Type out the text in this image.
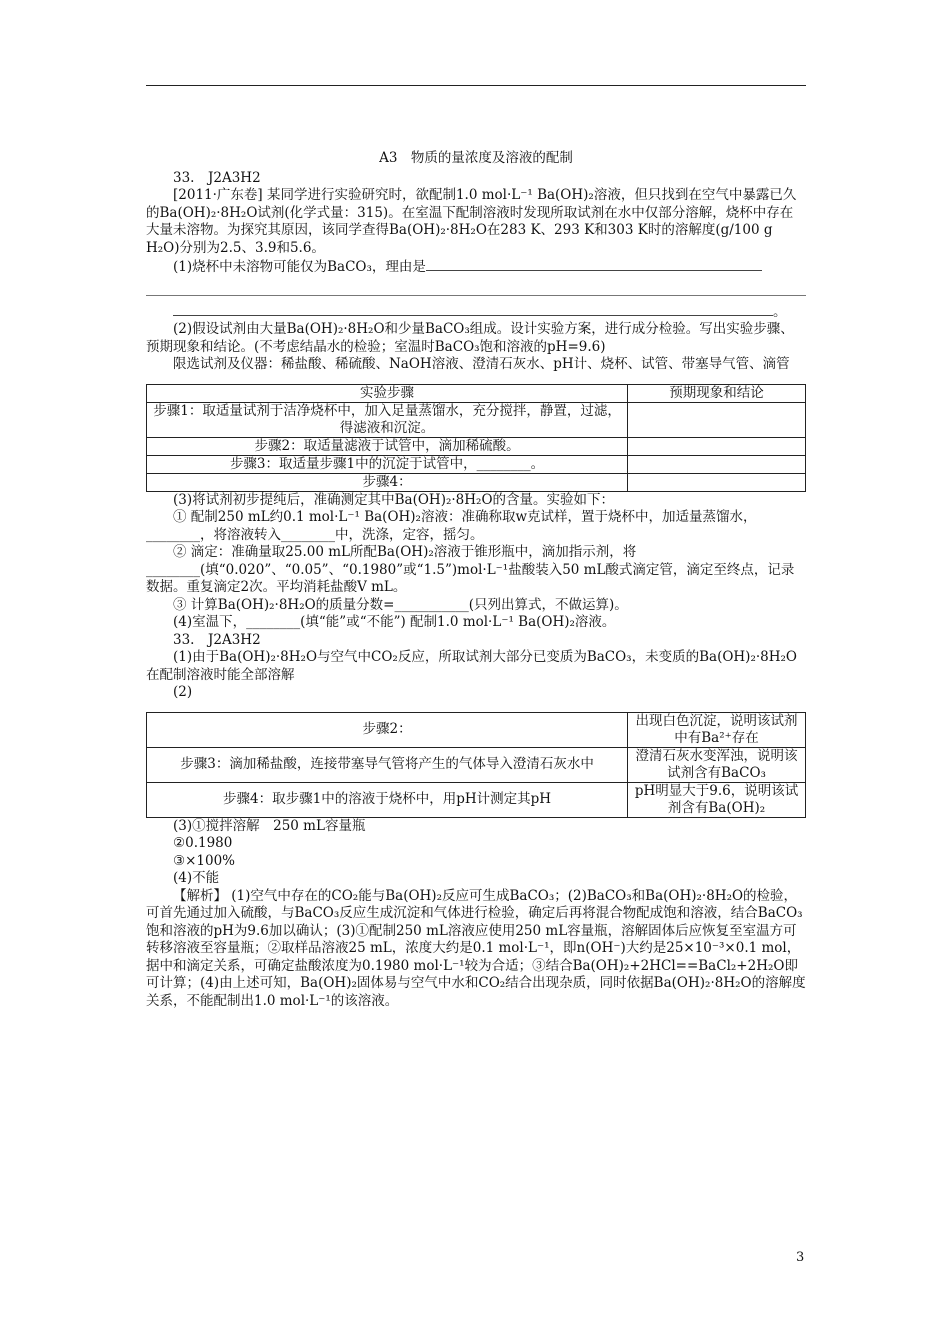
A3　物质的量浓度及溶液的配制

33.　J2A3H2

[2011·广东卷] 某同学进行实验研究时，欲配制1.0 mol·L⁻¹ Ba(OH)₂溶液，但只找到在空气中暴露已久的Ba(OH)₂·8H₂O试剂(化学式量：315)。在室温下配制溶液时发现所取试剂在水中仅部分溶解，烧杯中存在大量未溶物。为探究其原因，该同学查得Ba(OH)₂·8H₂O在283 K、293 K和303 K时的溶解度(g/100 g H₂O)分别为2.5、3.9和5.6。

(1)烧杯中未溶物可能仅为BaCO₃，理由是

。

(2)假设试剂由大量Ba(OH)₂·8H₂O和少量BaCO₃组成。设计实验方案，进行成分检验。写出实验步骤、预期现象和结论。(不考虑结晶水的检验；室温时BaCO₃饱和溶液的pH=9.6)

限选试剂及仪器：稀盐酸、稀硫酸、NaOH溶液、澄清石灰水、pH计、烧杯、试管、带塞导气管、滴管

实验步骤	预期现象和结论
步骤1：取适量试剂于洁净烧杯中，加入足量蒸馏水，充分搅拌，静置，过滤，得滤液和沉淀。	
步骤2：取适量滤液于试管中，滴加稀硫酸。	
步骤3：取适量步骤1中的沉淀于试管中，________。	
步骤4：	

(3)将试剂初步提纯后，准确测定其中Ba(OH)₂·8H₂O的含量。实验如下：

① 配制250 mL约0.1 mol·L⁻¹ Ba(OH)₂溶液：准确称取w克试样，置于烧杯中，加适量蒸馏水，________，将溶液转入________中，洗涤，定容，摇匀。

② 滴定：准确量取25.00 mL所配Ba(OH)₂溶液于锥形瓶中，滴加指示剂，将________(填“0.020”、“0.05”、“0.1980”或“1.5”)mol·L⁻¹盐酸装入50 mL酸式滴定管，滴定至终点，记录数据。重复滴定2次。平均消耗盐酸V mL。

③ 计算Ba(OH)₂·8H₂O的质量分数=___________(只列出算式，不做运算)。

(4)室温下，________(填“能”或“不能”) 配制1.0 mol·L⁻¹ Ba(OH)₂溶液。

33.　J2A3H2

(1)由于Ba(OH)₂·8H₂O与空气中CO₂反应，所取试剂大部分已变质为BaCO₃，未变质的Ba(OH)₂·8H₂O在配制溶液时能全部溶解

(2)

步骤2：	出现白色沉淀，说明该试剂中有Ba²⁺存在
步骤3：滴加稀盐酸，连接带塞导气管将产生的气体导入澄清石灰水中	澄清石灰水变浑浊，说明该试剂含有BaCO₃
步骤4：取步骤1中的溶液于烧杯中，用pH计测定其pH	pH明显大于9.6，说明该试剂含有Ba(OH)₂

(3)①搅拌溶解　250 mL容量瓶

②0.1980

③×100%

(4)不能

【解析】 (1)空气中存在的CO₂能与Ba(OH)₂反应可生成BaCO₃；(2)BaCO₃和Ba(OH)₂·8H₂O的检验，可首先通过加入硫酸，与BaCO₃反应生成沉淀和气体进行检验，确定后再将混合物配成饱和溶液，结合BaCO₃饱和溶液的pH为9.6加以确认；(3)①配制250 mL溶液应使用250 mL容量瓶，溶解固体后应恢复至室温方可转移溶液至容量瓶；②取样品溶液25 mL，浓度大约是0.1 mol·L⁻¹，即n(OH⁻)大约是25×10⁻³×0.1 mol，据中和滴定关系，可确定盐酸浓度为0.1980 mol·L⁻¹较为合适；③结合Ba(OH)₂+2HCl==BaCl₂+2H₂O即可计算；(4)由上述可知，Ba(OH)₂固体易与空气中水和CO₂结合出现杂质，同时依据Ba(OH)₂·8H₂O的溶解度关系，不能配制出1.0 mol·L⁻¹的该溶液。

3
